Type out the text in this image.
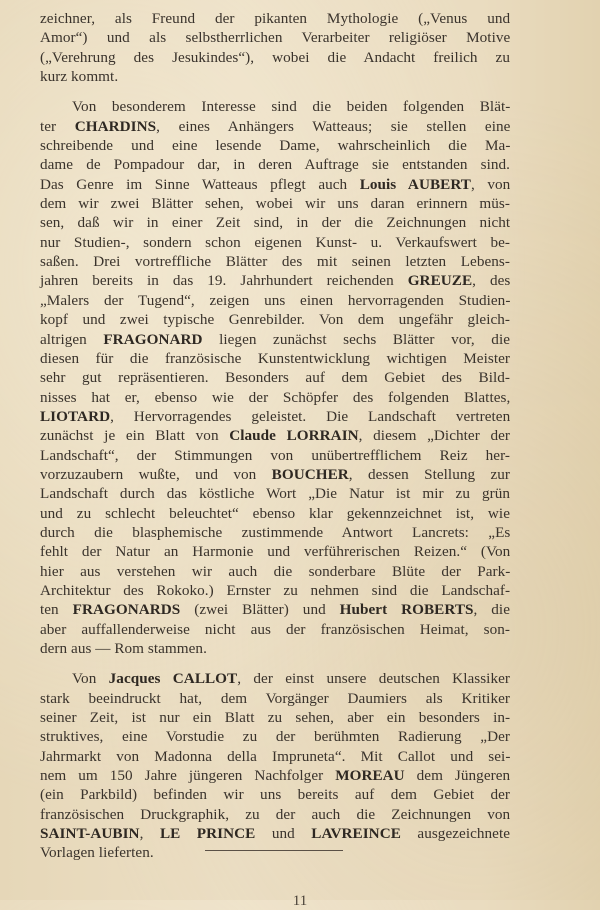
zeichner, als Freund der pikanten Mythologie („Venus und
Amor“) und als selbstherrlichen Verarbeiter religiöser Motive
(„Verehrung des Jesukindes“), wobei die Andacht freilich zu
kurz kommt.

Von besonderem Interesse sind die beiden folgenden Blät-
ter CHARDINS, eines Anhängers Watteaus; sie stellen eine
schreibende und eine lesende Dame, wahrscheinlich die Ma-
dame de Pompadour dar, in deren Auftrage sie entstanden sind.
Das Genre im Sinne Watteaus pflegt auch Louis AUBERT, von
dem wir zwei Blätter sehen, wobei wir uns daran erinnern müs-
sen, daß wir in einer Zeit sind, in der die Zeichnungen nicht
nur Studien-, sondern schon eigenen Kunst- u. Verkaufswert be-
saßen. Drei vortreffliche Blätter des mit seinen letzten Lebens-
jahren bereits in das 19. Jahrhundert reichenden GREUZE, des
„Malers der Tugend“, zeigen uns einen hervorragenden Studien-
kopf und zwei typische Genrebilder. Von dem ungefähr gleich-
altrigen FRAGONARD liegen zunächst sechs Blätter vor, die
diesen für die französische Kunstentwicklung wichtigen Meister
sehr gut repräsentieren. Besonders auf dem Gebiet des Bild-
nisses hat er, ebenso wie der Schöpfer des folgenden Blattes,
LIOTARD, Hervorragendes geleistet. Die Landschaft vertreten
zunächst je ein Blatt von Claude LORRAIN, diesem „Dichter der
Landschaft“, der Stimmungen von unübertrefflichem Reiz her-
vorzuzaubern wußte, und von BOUCHER, dessen Stellung zur
Landschaft durch das köstliche Wort „Die Natur ist mir zu grün
und zu schlecht beleuchtet“ ebenso klar gekennzeichnet ist, wie
durch die blasphemische zustimmende Antwort Lancrets: „Es
fehlt der Natur an Harmonie und verführerischen Reizen.“ (Von
hier aus verstehen wir auch die sonderbare Blüte der Park-
Architektur des Rokoko.) Ernster zu nehmen sind die Landschaf-
ten FRAGONARDS (zwei Blätter) und Hubert ROBERTS, die
aber auffallenderweise nicht aus der französischen Heimat, son-
dern aus — Rom stammen.

Von Jacques CALLOT, der einst unsere deutschen Klassiker
stark beeindruckt hat, dem Vorgänger Daumiers als Kritiker
seiner Zeit, ist nur ein Blatt zu sehen, aber ein besonders in-
struktives, eine Vorstudie zu der berühmten Radierung „Der
Jahrmarkt von Madonna della Impruneta“. Mit Callot und sei-
nem um 150 Jahre jüngeren Nachfolger MOREAU dem Jüngeren
(ein Parkbild) befinden wir uns bereits auf dem Gebiet der
französischen Druckgraphik, zu der auch die Zeichnungen von
SAINT-AUBIN, LE PRINCE und LAVREINCE ausgezeichnete
Vorlagen lieferten.

11
